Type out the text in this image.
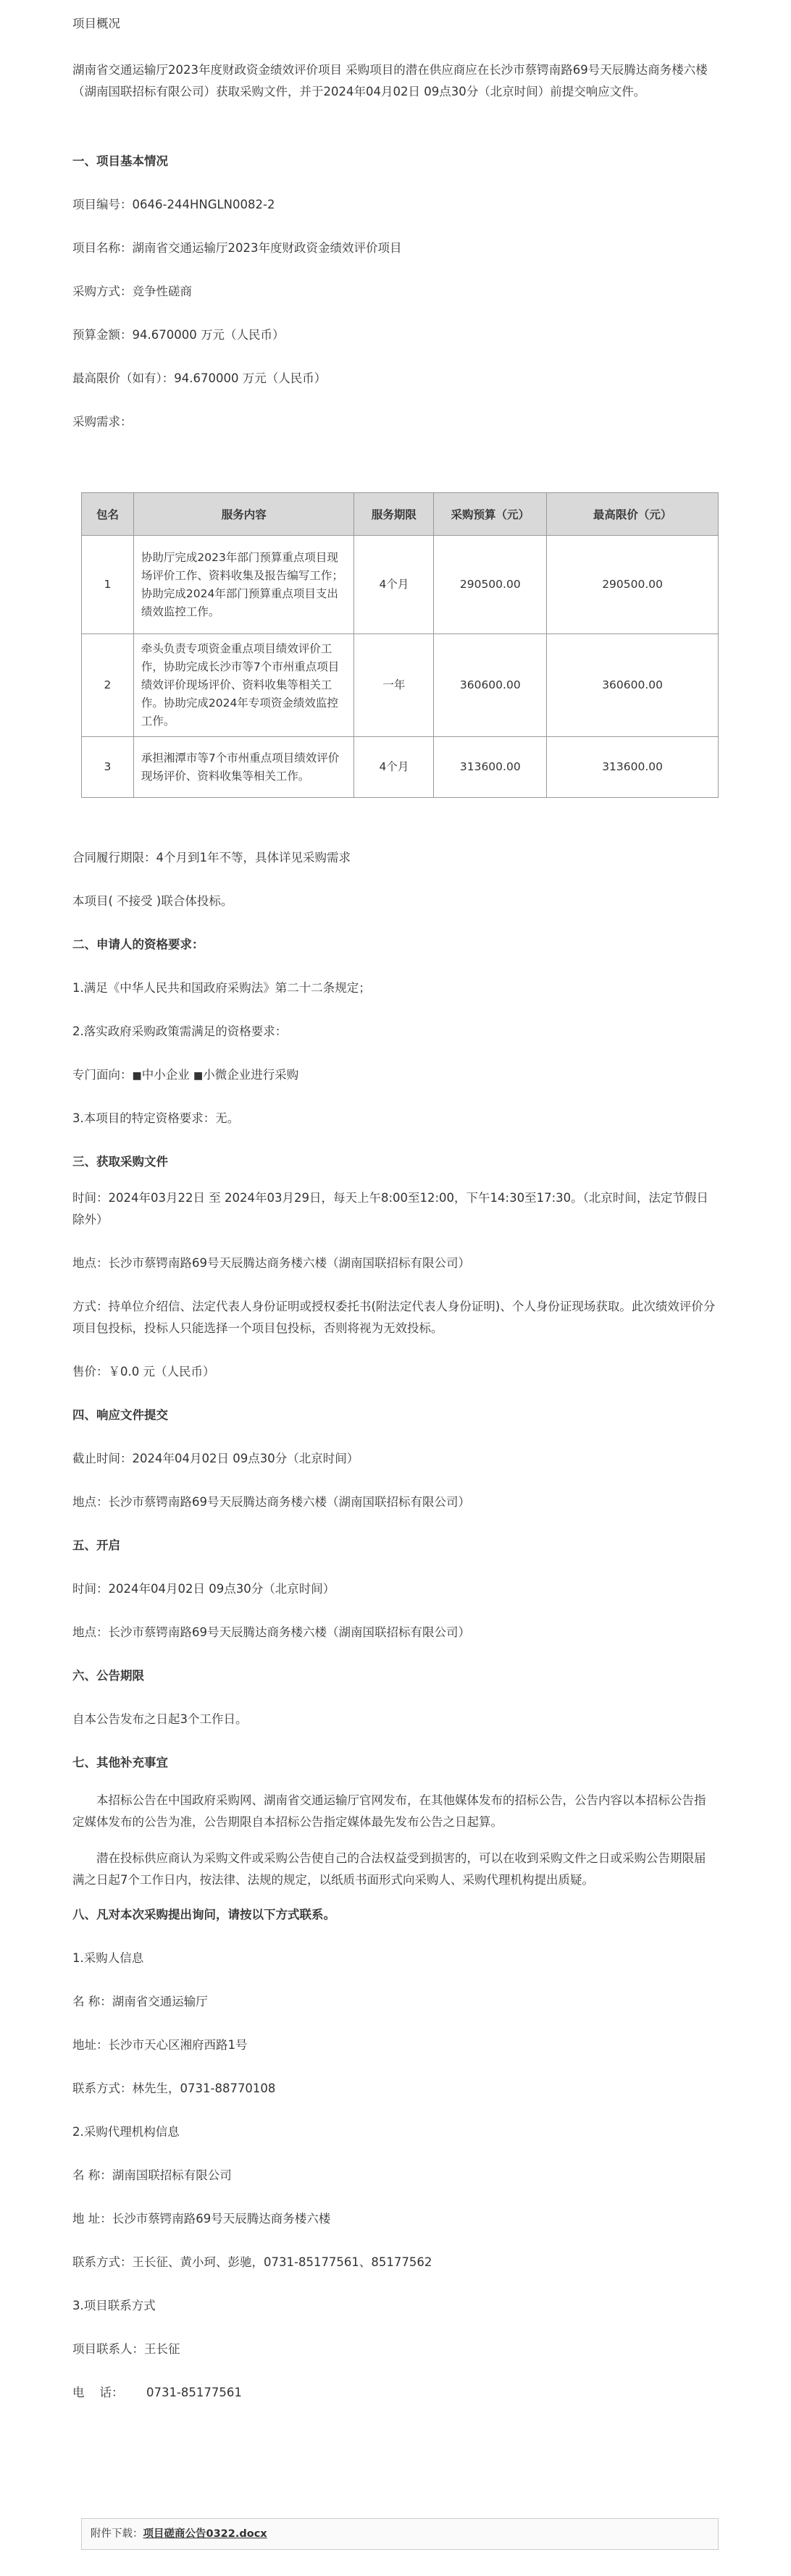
项目概况

湖南省交通运输厅2023年度财政资金绩效评价项目 采购项目的潜在供应商应在长沙市蔡锷南路69号天辰腾达商务楼六楼（湖南国联招标有限公司）获取采购文件，并于2024年04月02日 09点30分（北京时间）前提交响应文件。

一、项目基本情况

项目编号：0646-244HNGLN0082-2

项目名称：湖南省交通运输厅2023年度财政资金绩效评价项目

采购方式：竞争性磋商

预算金额：94.670000 万元（人民币）

最高限价（如有）：94.670000 万元（人民币）

采购需求：

包名	服务内容	服务期限	采购预算（元）	最高限价（元）
1	协助厅完成2023年部门预算重点项目现场评价工作、资料收集及报告编写工作；协助完成2024年部门预算重点项目支出绩效监控工作。	4个月	290500.00	290500.00
2	牵头负责专项资金重点项目绩效评价工作，协助完成长沙市等7个市州重点项目绩效评价现场评价、资料收集等相关工作。协助完成2024年专项资金绩效监控工作。	一年	360600.00	360600.00
3	承担湘潭市等7个市州重点项目绩效评价现场评价、资料收集等相关工作。	4个月	313600.00	313600.00

合同履行期限：4个月到1年不等，具体详见采购需求

本项目( 不接受 )联合体投标。

二、申请人的资格要求：

1.满足《中华人民共和国政府采购法》第二十二条规定；

2.落实政府采购政策需满足的资格要求：

专门面向：■中小企业 ■小微企业进行采购

3.本项目的特定资格要求：无。

三、获取采购文件

时间：2024年03月22日 至 2024年03月29日，每天上午8:00至12:00，下午14:30至17:30。（北京时间，法定节假日除外）

地点：长沙市蔡锷南路69号天辰腾达商务楼六楼（湖南国联招标有限公司）

方式：持单位介绍信、法定代表人身份证明或授权委托书(附法定代表人身份证明)、个人身份证现场获取。此次绩效评价分项目包投标，投标人只能选择一个项目包投标，否则将视为无效投标。

售价：￥0.0 元（人民币）

四、响应文件提交

截止时间：2024年04月02日 09点30分（北京时间）

地点：长沙市蔡锷南路69号天辰腾达商务楼六楼（湖南国联招标有限公司）

五、开启

时间：2024年04月02日 09点30分（北京时间）

地点：长沙市蔡锷南路69号天辰腾达商务楼六楼（湖南国联招标有限公司）

六、公告期限

自本公告发布之日起3个工作日。

七、其他补充事宜

本招标公告在中国政府采购网、湖南省交通运输厅官网发布，在其他媒体发布的招标公告，公告内容以本招标公告指定媒体发布的公告为准，公告期限自本招标公告指定媒体最先发布公告之日起算。

潜在投标供应商认为采购文件或采购公告使自己的合法权益受到损害的，可以在收到采购文件之日或采购公告期限届满之日起7个工作日内，按法律、法规的规定，以纸质书面形式向采购人、采购代理机构提出质疑。

八、凡对本次采购提出询问，请按以下方式联系。

1.采购人信息

名 称：湖南省交通运输厅

地址：长沙市天心区湘府西路1号

联系方式：林先生，0731-88770108

2.采购代理机构信息

名 称：湖南国联招标有限公司

地 址：长沙市蔡锷南路69号天辰腾达商务楼六楼

联系方式：王长征、黄小珂、彭驰，0731-85177561、85177562

3.项目联系方式

项目联系人：王长征

电    话：      0731-85177561

附件下载：项目磋商公告0322.docx
